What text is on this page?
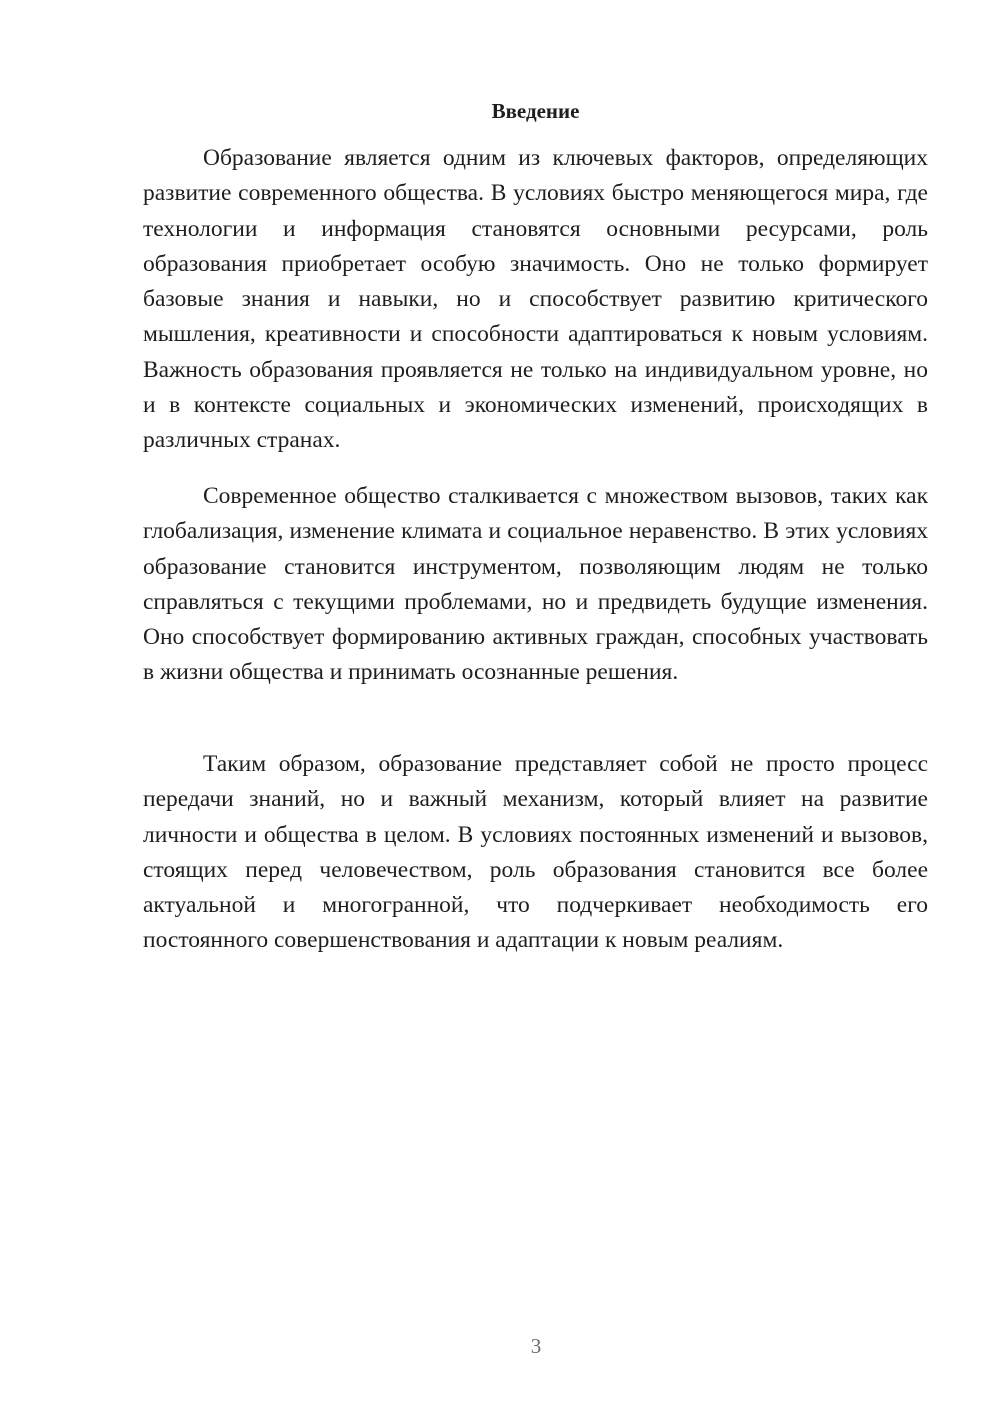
Введение

Образование является одним из ключевых факторов, определяющих развитие современного общества. В условиях быстро меняющегося мира, где технологии и информация становятся основными ресурсами, роль образования приобретает особую значимость. Оно не только формирует базовые знания и навыки, но и способствует развитию критического мышления, креативности и способности адаптироваться к новым условиям. Важность образования проявляется не только на индивидуальном уровне, но и в контексте социальных и экономических изменений, происходящих в различных странах.

Современное общество сталкивается с множеством вызовов, таких как глобализация, изменение климата и социальное неравенство. В этих условиях образование становится инструментом, позволяющим людям не только справляться с текущими проблемами, но и предвидеть будущие изменения. Оно способствует формированию активных граждан, способных участвовать в жизни общества и принимать осознанные решения.

Таким образом, образование представляет собой не просто процесс передачи знаний, но и важный механизм, который влияет на развитие личности и общества в целом. В условиях постоянных изменений и вызовов, стоящих перед человечеством, роль образования становится все более актуальной и многогранной, что подчеркивает необходимость его постоянного совершенствования и адаптации к новым реалиям.

3
